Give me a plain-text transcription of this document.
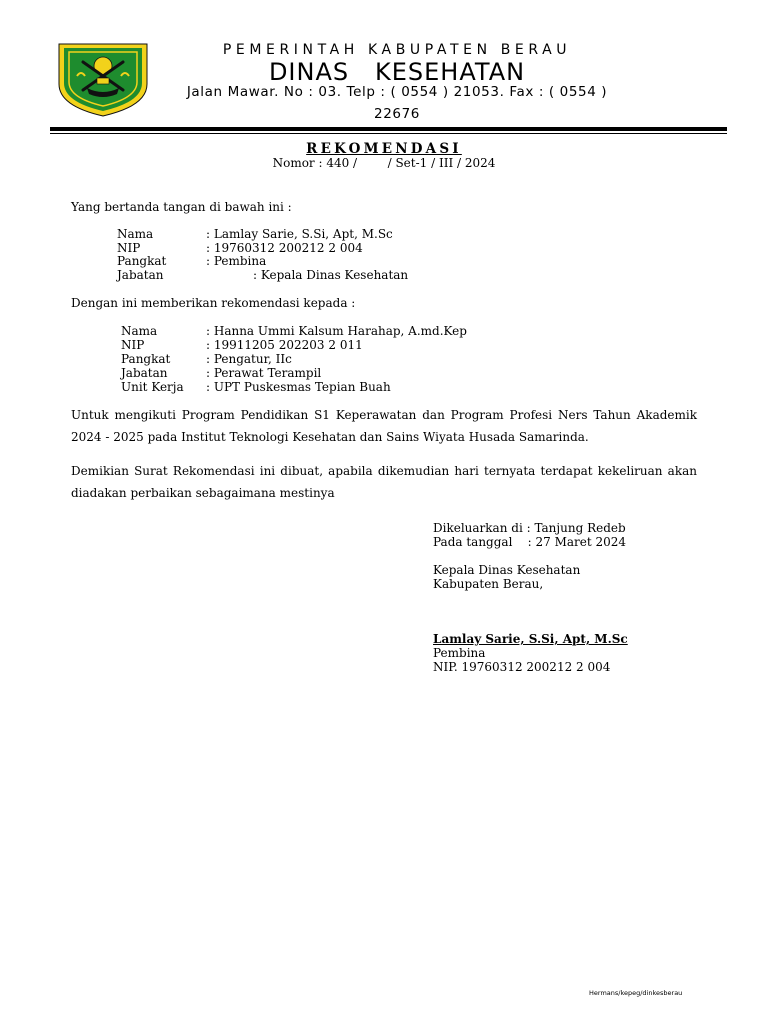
PEMERINTAH KABUPATEN BERAU
DINAS   KESEHATAN
Jalan Mawar. No : 03. Telp : ( 0554 ) 21053. Fax : ( 0554 )
22676
REKOMENDASI
Nomor : 440 /        / Set-1 / III / 2024
Yang bertanda tangan di bawah ini :
Nama	: Lamlay Sarie, S.Si, Apt, M.Sc
NIP	: 19760312 200212 2 004
Pangkat	: Pembina
Jabatan	: Kepala Dinas Kesehatan
Dengan ini memberikan rekomendasi kepada :
Nama	: Hanna Ummi Kalsum Harahap, A.md.Kep
NIP	: 19911205 202203 2 011
Pangkat	: Pengatur, IIc
Jabatan	: Perawat Terampil
Unit Kerja : UPT Puskesmas Tepian Buah
Untuk mengikuti Program Pendidikan S1 Keperawatan dan Program Profesi Ners Tahun Akademik 2024 - 2025 pada Institut Teknologi Kesehatan dan Sains Wiyata Husada Samarinda.
Demikian Surat Rekomendasi ini dibuat, apabila dikemudian hari ternyata terdapat kekeliruan akan diadakan perbaikan sebagaimana mestinya
Dikeluarkan di : Tanjung Redeb
Pada tanggal    : 27 Maret 2024
Kepala Dinas Kesehatan
Kabupaten Berau,
Lamlay Sarie, S.Si, Apt, M.Sc
Pembina
NIP. 19760312 200212 2 004
Hermans/kepeg/dinkesberau
